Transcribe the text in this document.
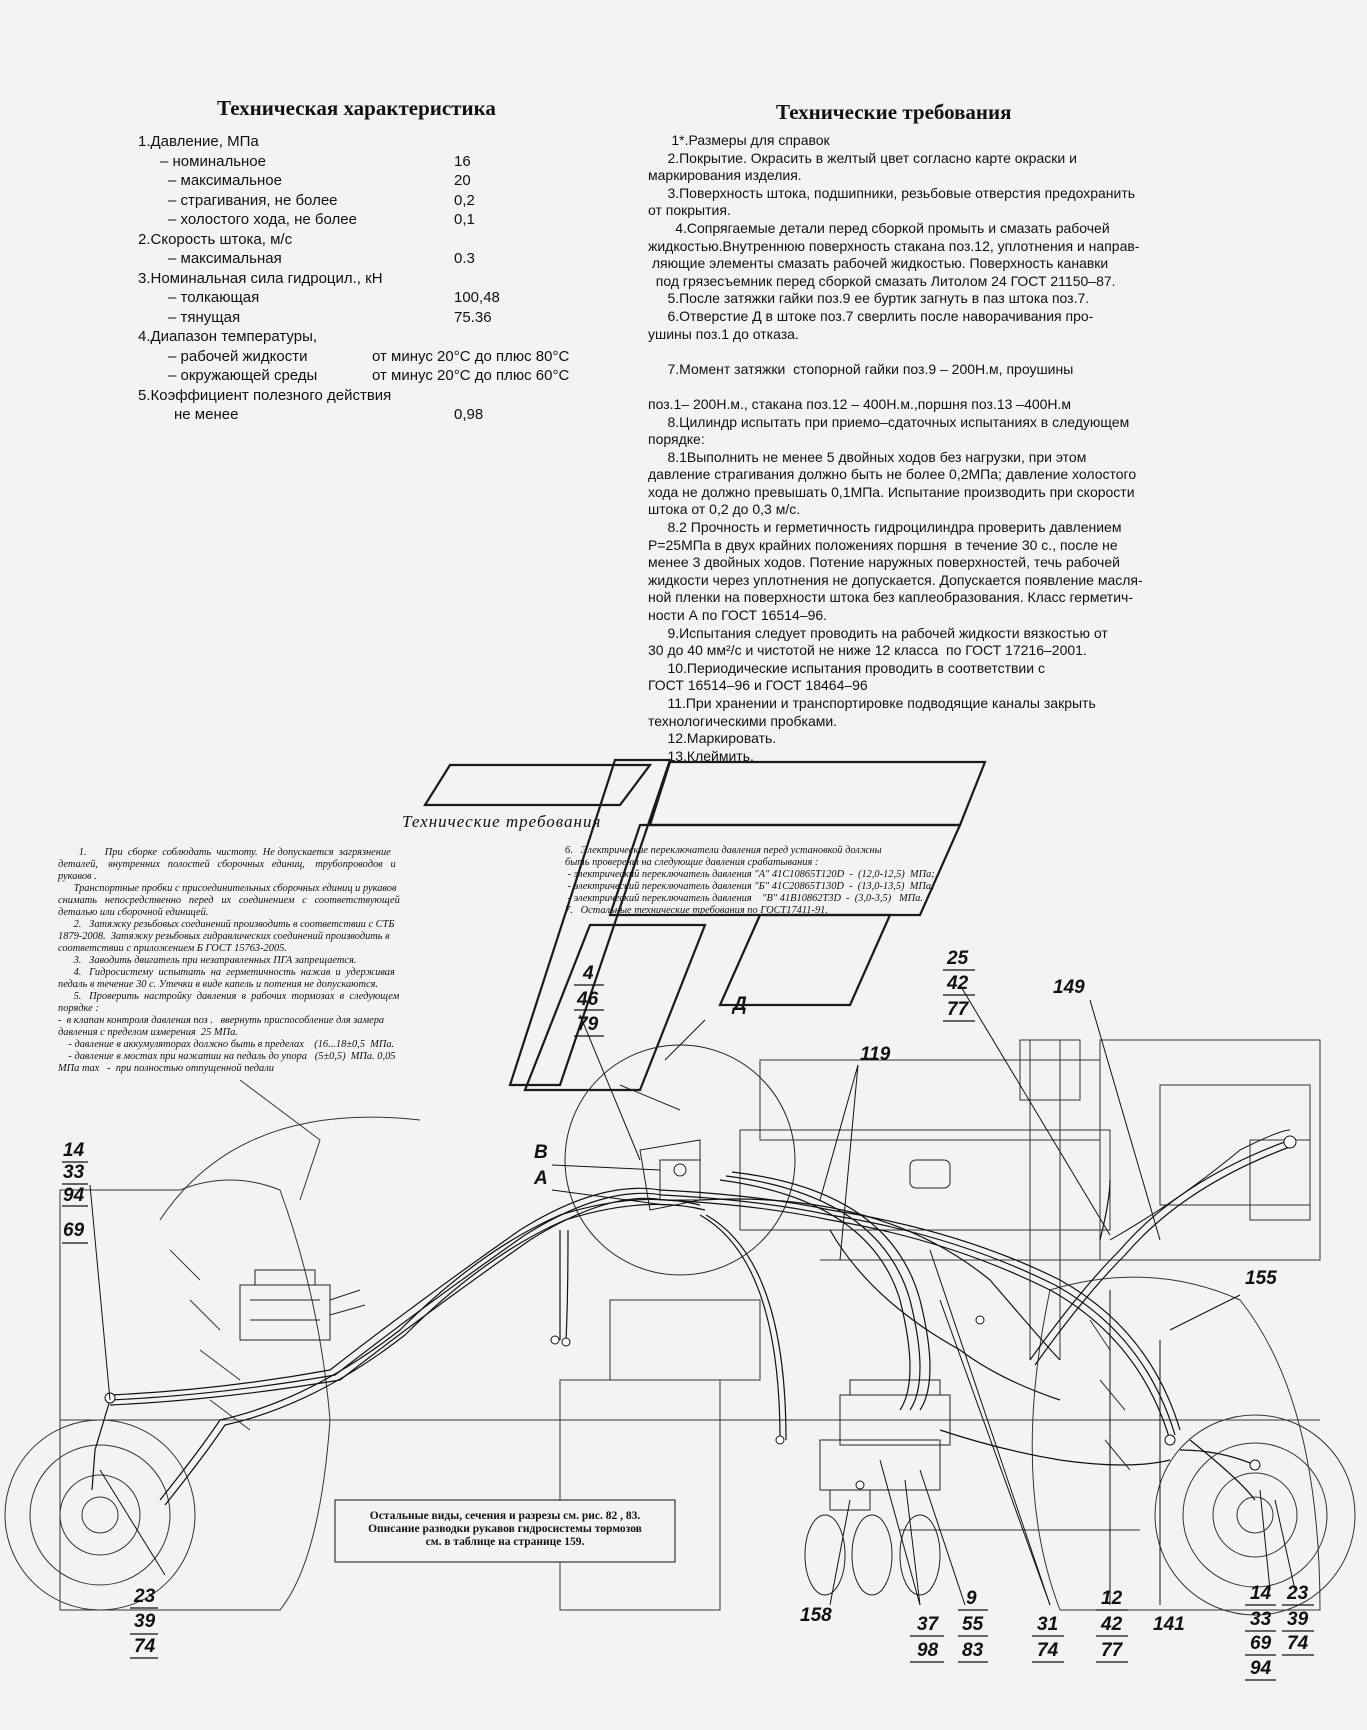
Техническая характеристика
1.Давление, МПа
– номинальное	16
– максимальное	20
– страгивания, не более	0,2
– холостого хода, не более	0,1
2.Скорость штока, м/с
– максимальная	0.3
3.Номинальная сила гидроцил., кН
– толкающая	100,48
– тянущая	75.36
4.Диапазон температуры,
– рабочей жидкости	от минус 20°С до плюс 80°С
– окружающей среды	от минус 20°С до плюс 60°С
5.Коэффициент полезного действия
не менее	0,98
Технические требования
1*.Размеры для справок
2.Покрытие. Окрасить в желтый цвет согласно карте окраски и
маркирования изделия.
3.Поверхность штока, подшипники, резьбовые отверстия предохранить
от покрытия.
4.Сопрягаемые детали перед сборкой промыть и смазать рабочей
жидкостью.Внутреннюю поверхность стакана поз.12, уплотнения и направ-
ляющие элементы смазать рабочей жидкостью. Поверхность канавки
под грязесъемник перед сборкой смазать Литолом 24 ГОСТ 21150–87.
5.После затяжки гайки поз.9 ее буртик загнуть в паз штока поз.7.
6.Отверстие Д в штоке поз.7 сверлить после наворачивания про-
ушины поз.1 до отказа.

7.Момент затяжки  стопорной гайки поз.9 – 200Н.м, проушины

поз.1– 200Н.м., стакана поз.12 – 400Н.м.,поршня поз.13 –400Н.м
8.Цилиндр испытать при приемо–сдаточных испытаниях в следующем
порядке:
8.1Выполнить не менее 5 двойных ходов без нагрузки, при этом
давление страгивания должно быть не более 0,2МПа; давление холостого
хода не должно превышать 0,1МПа. Испытание производить при скорости
штока от 0,2 до 0,3 м/с.
8.2 Прочность и герметичность гидроцилиндра проверить давлением
Р=25МПа в двух крайних положениях поршня  в течение 30 с., после не
менее 3 двойных ходов. Потение наружных поверхностей, течь рабочей
жидкости через уплотнения не допускается. Допускается появление масля-
ной пленки на поверхности штока без каплеобразования. Класс герметич-
ности А по ГОСТ 16514–96.
9.Испытания следует проводить на рабочей жидкости вязкостью от
30 до 40 мм²/с и чистотой не ниже 12 класса  по ГОСТ 17216–2001.
10.Периодические испытания проводить в соответствии с
ГОСТ 16514–96 и ГОСТ 18464–96
11.При хранении и транспортировке подводящие каналы закрыть
технологическими пробками.
12.Маркировать.
13.Клеймить.
Технические требования
1.       При  сборке  соблюдать  чистоту.  Не допускается  загрязнение
деталей,    внутренних   полостей   сборочных   единиц,    трубопроводов   и
рукавов .
Транспортные пробки с присоединительных сборочных единиц и рукавов
снимать   непосредственно   перед   их   соединением   с   соответствующей
деталью или сборочной единицей.
2.   Затяжку резьбовых соединений производить в соответствии с СТБ
1879-2008.  Затяжку резьбовых гидравлических соединений производить в
соответствии с приложением Б ГОСТ 15763-2005.
3.   Заводить двигатель при незаправленных ПГА запрещается.
4.   Гидросистему  испытать  на  герметичность  нажав  и  удерживая
педаль в течение 30 с. Утечки в виде капель и потения не допускаются.
5.   Проверить  настройку  давления  в  рабочих  тормозах  в  следующем
порядке :
-  в клапан контроля давления поз .   ввернуть приспособление для замера
давления с пределом измерения  25 МПа.
- давление в аккумуляторах должно быть в пределах    (16...18±0,5  МПа.
- давление в мостах при нажатии на педаль до упора   (5±0,5)  МПа. 0,05
МПа max   -  при полностью отпущенной педали
6.   Электрические переключатели давления перед установкой должны
быть проверены на следующие давления срабатывания :
- электрический переключатель давления "А" 41С10865Т120D  -  (12,0-12,5)  МПа;
- электрический переключатель давления "Б" 41С20865Т130D  -  (13,0-13,5)  МПа;
- электрический переключатель давления    "В" 41В10862Т3D  -  (3,0-3,5)   МПа.
7.   Остальные технические требования по ГОСТ17411-91.
Остальные виды, сечения и разрезы см. рис. 82 , 83.
Описание разводки рукавов гидросистемы тормозов
см. в таблице на странице 159.
4
46
79
Д
119
25
42
77
149
В
А
14
33
94
69
155
23
39
74
158	37
98
9
55
83
31
74
12
42
77
141
14
33
69
94
23
39
74
